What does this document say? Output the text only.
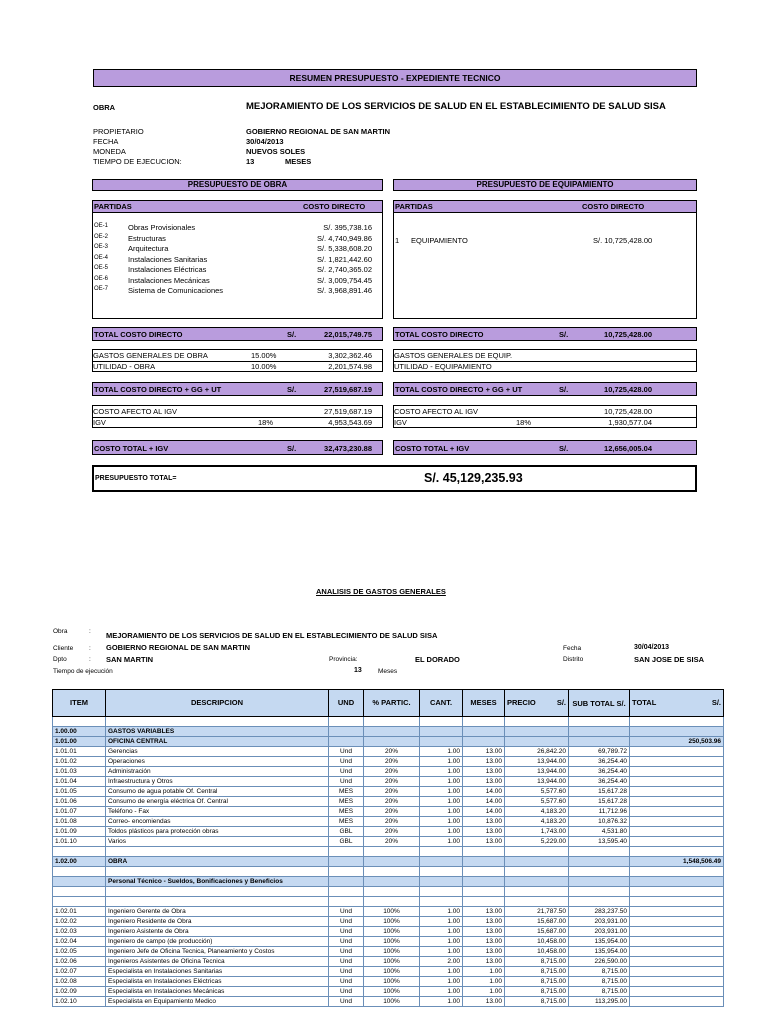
RESUMEN PRESUPUESTO - EXPEDIENTE TECNICO
OBRA	MEJORAMIENTO DE LOS SERVICIOS DE SALUD EN EL ESTABLECIMIENTO DE SALUD SISA
PROPIETARIO	GOBIERNO REGIONAL DE SAN MARTIN
FECHA	30/04/2013
MONEDA	NUEVOS SOLES
TIEMPO DE EJECUCION:	13	MESES
PRESUPUESTO DE OBRA
PARTIDAS	COSTO DIRECTO
OE-1	Obras Provisionales	S/. 395,738.16
OE-2	Estructuras	S/. 4,740,949.86
OE-3	Arquitectura	S/. 5,338,608.20
OE-4	Instalaciones Sanitarias	S/. 1,821,442.60
OE-5	Instalaciones Eléctricas	S/. 2,740,365.02
OE-6	Instalaciones Mecánicas	S/. 3,009,754.45
OE-7	Sistema de Comunicaciones	S/. 3,968,891.46
TOTAL COSTO DIRECTO	S/.	22,015,749.75
GASTOS GENERALES DE OBRA	15.00%	3,302,362.46
UTILIDAD - OBRA	10.00%	2,201,574.98
TOTAL COSTO DIRECTO + GG + UT	S/.	27,519,687.19
COSTO AFECTO AL IGV	27,519,687.19
IGV	18%	4,953,543.69
COSTO TOTAL + IGV	S/.	32,473,230.88
PRESUPUESTO DE EQUIPAMIENTO
PARTIDAS	COSTO DIRECTO
1 EQUIPAMIENTO	S/. 10,725,428.00
TOTAL COSTO DIRECTO	S/.	10,725,428.00
GASTOS GENERALES DE EQUIP.
UTILIDAD - EQUIPAMIENTO
TOTAL COSTO DIRECTO + GG + UT	S/.	10,725,428.00
COSTO AFECTO AL IGV	10,725,428.00
IGV	18%	1,930,577.04
COSTO TOTAL + IGV	S/.	12,656,005.04
PRESUPUESTO TOTAL=	S/. 45,129,235.93
ANALISIS DE GASTOS GENERALES
Obra	: MEJORAMIENTO DE LOS SERVICIOS DE SALUD EN EL ESTABLECIMIENTO DE SALUD SISA
Cliente : GOBIERNO REGIONAL DE SAN MARTIN	Fecha	30/04/2013
Dpto	: SAN MARTIN	Provincia:	EL DORADO	Distrito	SAN JOSE DE SISA
Tiempo de ejecución	13 Meses
ITEM	DESCRIPCION	UND	% PARTIC.	CANT.	MESES	PRECIO S/.	SUB TOTAL S/.	TOTAL S/.

1.00.00	GASTOS VARIABLES							
1.01.00	OFICINA CENTRAL							250,503.96
1.01.01	Gerencias	Und	20%	1.00	13.00	26,842.20	69,789.72	
1.01.02	Operaciones	Und	20%	1.00	13.00	13,944.00	36,254.40	
1.01.03	Administración	Und	20%	1.00	13.00	13,944.00	36,254.40	
1.01.04	Infraestructura y Otros	Und	20%	1.00	13.00	13,944.00	36,254.40	
1.01.05	Consumo de agua potable Of. Central	MES	20%	1.00	14.00	5,577.60	15,617.28	
1.01.06	Consumo de energía eléctrica Of. Central	MES	20%	1.00	14.00	5,577.60	15,617.28	
1.01.07	Teléfono - Fax	MES	20%	1.00	14.00	4,183.20	11,712.96	
1.01.08	Correo- encomiendas	MES	20%	1.00	13.00	4,183.20	10,876.32	
1.01.09	Toldos plásticos para protección obras	GBL	20%	1.00	13.00	1,743.00	4,531.80	
1.01.10	Varios	GBL	20%	1.00	13.00	5,229.00	13,595.40	

1.02.00	OBRA							1,548,506.49

	Personal Técnico - Sueldos, Bonificaciones y Beneficios							

1.02.01	Ingeniero Gerente de Obra	Und	100%	1.00	13.00	21,787.50	283,237.50	
1.02.02	Ingeniero Residente de Obra	Und	100%	1.00	13.00	15,687.00	203,931.00	
1.02.03	Ingeniero Asistente de Obra	Und	100%	1.00	13.00	15,687.00	203,931.00	
1.02.04	Ingeniero de campo (de producción)	Und	100%	1.00	13.00	10,458.00	135,954.00	
1.02.05	Ingeniero Jefe de Oficina Tecnica, Planeamiento y Costos	Und	100%	1.00	13.00	10,458.00	135,954.00	
1.02.06	Ingenieros Asistentes de Oficina Tecnica	Und	100%	2.00	13.00	8,715.00	226,590.00	
1.02.07	Especialista en Instalaciones Sanitarias	Und	100%	1.00	1.00	8,715.00	8,715.00	
1.02.08	Especialista en Instalaciones Eléctricas	Und	100%	1.00	1.00	8,715.00	8,715.00	
1.02.09	Especialista en Instalaciones Mecánicas	Und	100%	1.00	1.00	8,715.00	8,715.00	
1.02.10	Especialista en Equipamiento Medico	Und	100%	1.00	13.00	8,715.00	113,295.00	
